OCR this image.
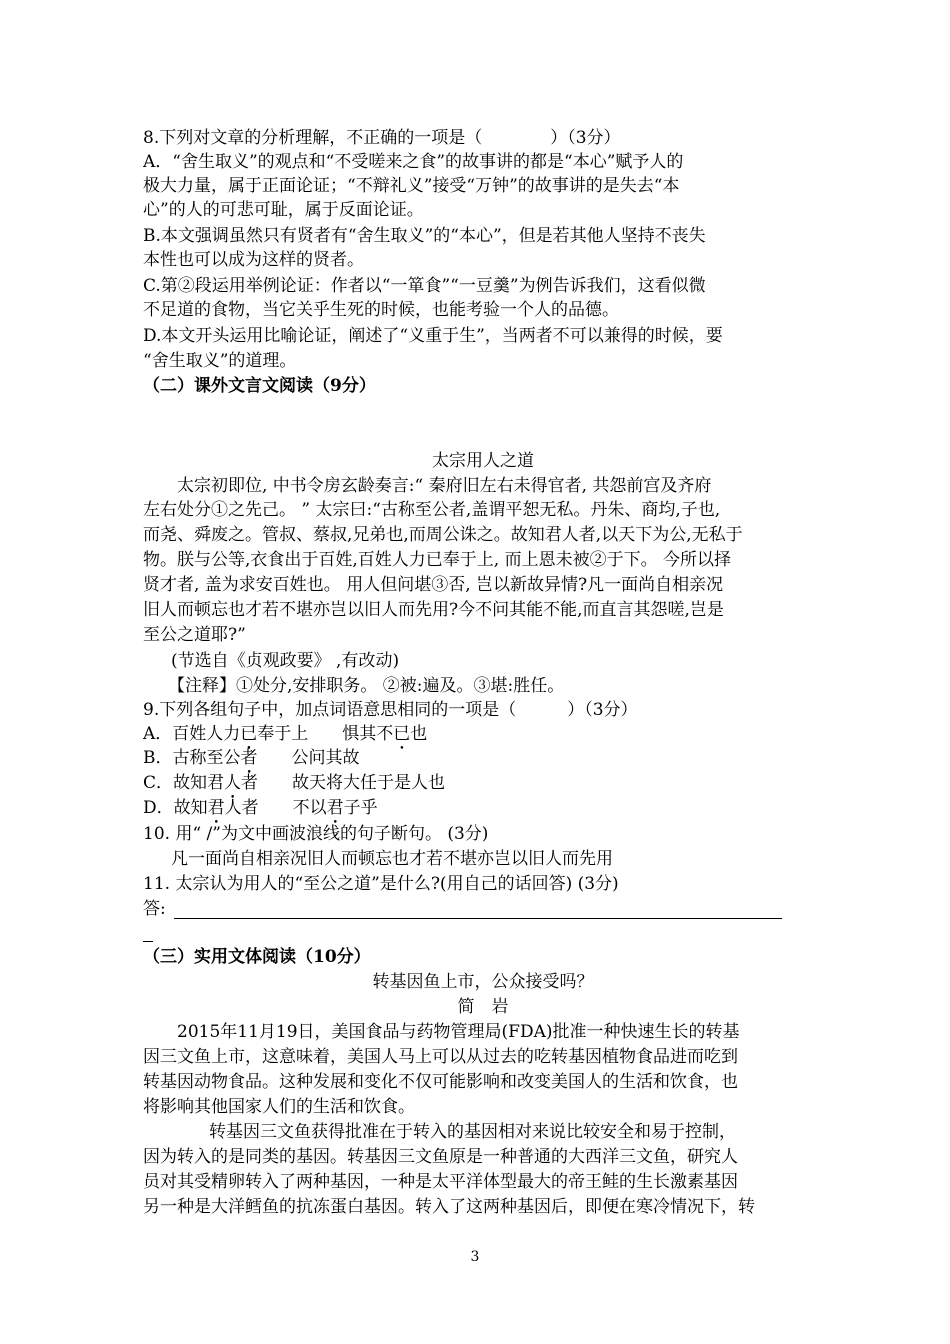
8.下列对文章的分析理解，不正确的一项是（　　　　）（3分）
A．“舍生取义”的观点和“不受嗟来之食”的故事讲的都是“本心”赋予人的
极大力量，属于正面论证；“不辩礼义”接受“万钟”的故事讲的是失去“本
心”的人的可悲可耻，属于反面论证。
B.本文强调虽然只有贤者有“舍生取义”的“本心”，但是若其他人坚持不丧失
本性也可以成为这样的贤者。
C.第②段运用举例论证：作者以“一箪食”“一豆羹”为例告诉我们，这看似微
不足道的食物，当它关乎生死的时候，也能考验一个人的品德。
D.本文开头运用比喻论证，阐述了“义重于生”，当两者不可以兼得的时候，要
“舍生取义”的道理。
（二）课外文言文阅读（9分）
太宗用人之道
太宗初即位, 中书令房玄龄奏言:“ 秦府旧左右未得官者, 共怨前宫及齐府
左右处分①之先己。 ” 太宗曰:“古称至公者,盖谓平恕无私。丹朱、商均,子也,
而尧、舜废之。管叔、蔡叔,兄弟也,而周公诛之。故知君人者,以天下为公,无私于
物。朕与公等,衣食出于百姓,百姓人力已奉于上, 而上恩未被②于下。 今所以择
贤才者, 盖为求安百姓也。 用人但问堪③否, 岂以新故异情?凡一面尚自相亲况
旧人而顿忘也才若不堪亦岂以旧人而先用?今不问其能不能,而直言其怨嗟,岂是
至公之道耶?”
(节选自《贞观政要》 ,有改动)
【注释】①处分,安排职务。 ②被:遍及。③堪:胜任。
9.下列各组句子中，加点词语意思相同的一项是（　　　）（3分）
A．百姓人力已奉于上　　惧其不已也
B．古称至公者　　公问其故
C．故知君人者　　故天将大任于是人也
D．故知君人者　　不以君子乎
10. 用“ /”为文中画波浪线的句子断句。 (3分)
凡一面尚自相亲况旧人而顿忘也才若不堪亦岂以旧人而先用
11. 太宗认为用人的“至公之道”是什么?(用自己的话回答) (3分)
答:
（三）实用文体阅读（10分）
转基因鱼上市，公众接受吗？
简　岩
2015年11月19日，美国食品与药物管理局(FDA)批准一种快速生长的转基
因三文鱼上市，这意味着，美国人马上可以从过去的吃转基因植物食品进而吃到
转基因动物食品。这种发展和变化不仅可能影响和改变美国人的生活和饮食，也
将影响其他国家人们的生活和饮食。
转基因三文鱼获得批准在于转入的基因相对来说比较安全和易于控制，
因为转入的是同类的基因。转基因三文鱼原是一种普通的大西洋三文鱼，研究人
员对其受精卵转入了两种基因，一种是太平洋体型最大的帝王鲑的生长激素基因
另一种是大洋鳕鱼的抗冻蛋白基因。转入了这两种基因后，即便在寒冷情况下，转
3
